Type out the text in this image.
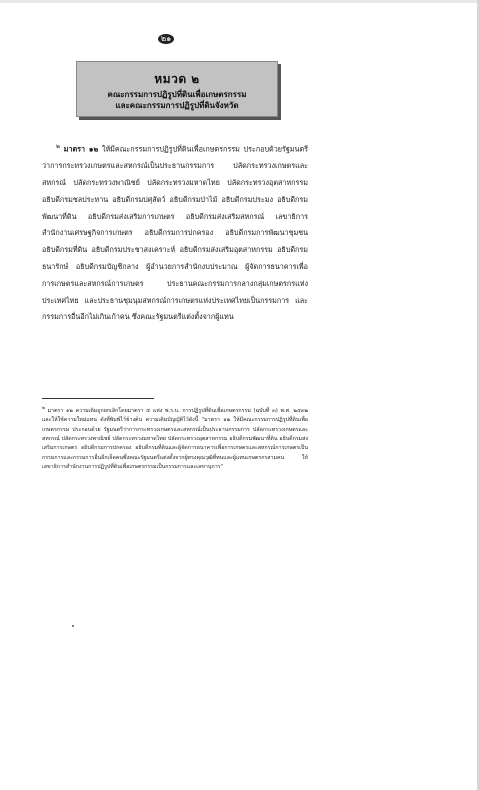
๒๑
หมวด ๒
คณะกรรมการปฏิรูปที่ดินเพื่อเกษตรกรรม
และคณะกรรมการปฏิรูปที่ดินจังหวัด

$^๒$ มาตรา ๑๒ ให้มีคณะกรรมการปฏิรูปที่ดินเพื่อเกษตรกรรม ประกอบด้วยรัฐมนตรีว่าการกระทรวงเกษตรและสหกรณ์เป็นประธานกรรมการ ปลัดกระทรวงเกษตรและสหกรณ์ ปลัดกระทรวงพาณิชย์ ปลัดกระทรวงมหาดไทย ปลัดกระทรวงอุตสาหกรรม อธิบดีกรมชลประทาน อธิบดีกรมปศุสัตว์ อธิบดีกรมป่าไม้ อธิบดีกรมประมง อธิบดีกรมพัฒนาที่ดิน อธิบดีกรมส่งเสริมการเกษตร อธิบดีกรมส่งเสริมสหกรณ์ เลขาธิการสำนักงานเศรษฐกิจการเกษตร อธิบดีกรมการปกครอง อธิบดีกรมการพัฒนาชุมชน อธิบดีกรมที่ดิน อธิบดีกรมประชาสงเคราะห์ อธิบดีกรมส่งเสริมอุตสาหกรรม อธิบดีกรมธนารักษ์ อธิบดีกรมบัญชีกลาง ผู้อำนวยการสำนักงบประมาณ ผู้จัดการธนาคารเพื่อการเกษตรและสหกรณ์การเกษตร ประธานคณะกรรมการกลางกลุ่มเกษตรกรแห่งประเทศไทย และประธานชุมนุมสหกรณ์การเกษตรแห่งประเทศไทยเป็นกรรมการ และกรรมการอื่นอีกไม่เกินเก้าคน ซึ่งคณะรัฐมนตรีแต่งตั้งจากผู้แทน

$^๒$ มาตรา ๑๒ ความเดิมถูกยกเลิกโดยมาตรา ๕ แห่ง พ.ร.บ. การปฏิรูปที่ดินเพื่อเกษตรกรรม (ฉบับที่ ๓) พ.ศ. ๒๕๓๒ และให้ใช้ความใหม่แทน ดังที่พิมพ์ไว้ข้างต้น ความเดิมบัญญัติไว้ดังนี้ "มาตรา ๑๒ ให้มีคณะกรรมการปฏิรูปที่ดินเพื่อเกษตรกรรม ประกอบด้วย รัฐมนตรีว่าการกระทรวงเกษตรและสหกรณ์เป็นประธานกรรมการ ปลัดกระทรวงเกษตรและสหกรณ์ ปลัดกระทรวงพาณิชย์ ปลัดกระทรวงมหาดไทย ปลัดกระทรวงอุตสาหกรรม อธิบดีกรมพัฒนาที่ดิน อธิบดีกรมส่งเสริมการเกษตร อธิบดีกรมการปกครอง อธิบดีกรมที่ดินและผู้จัดการธนาคารเพื่อการเกษตรและสหกรณ์การเกษตรเป็นกรรมการและกรรมการอื่นอีกเจ็ดคนซึ่งคณะรัฐมนตรีแต่งตั้งจากผู้ทรงคุณวุฒิที่ทนและผู้แทนเกษตรกรสามคน ให้เลขาธิการสำนักงานการปฏิรูปที่ดินเพื่อเกษตรกรรมเป็นกรรมการและเลขานุการ"
